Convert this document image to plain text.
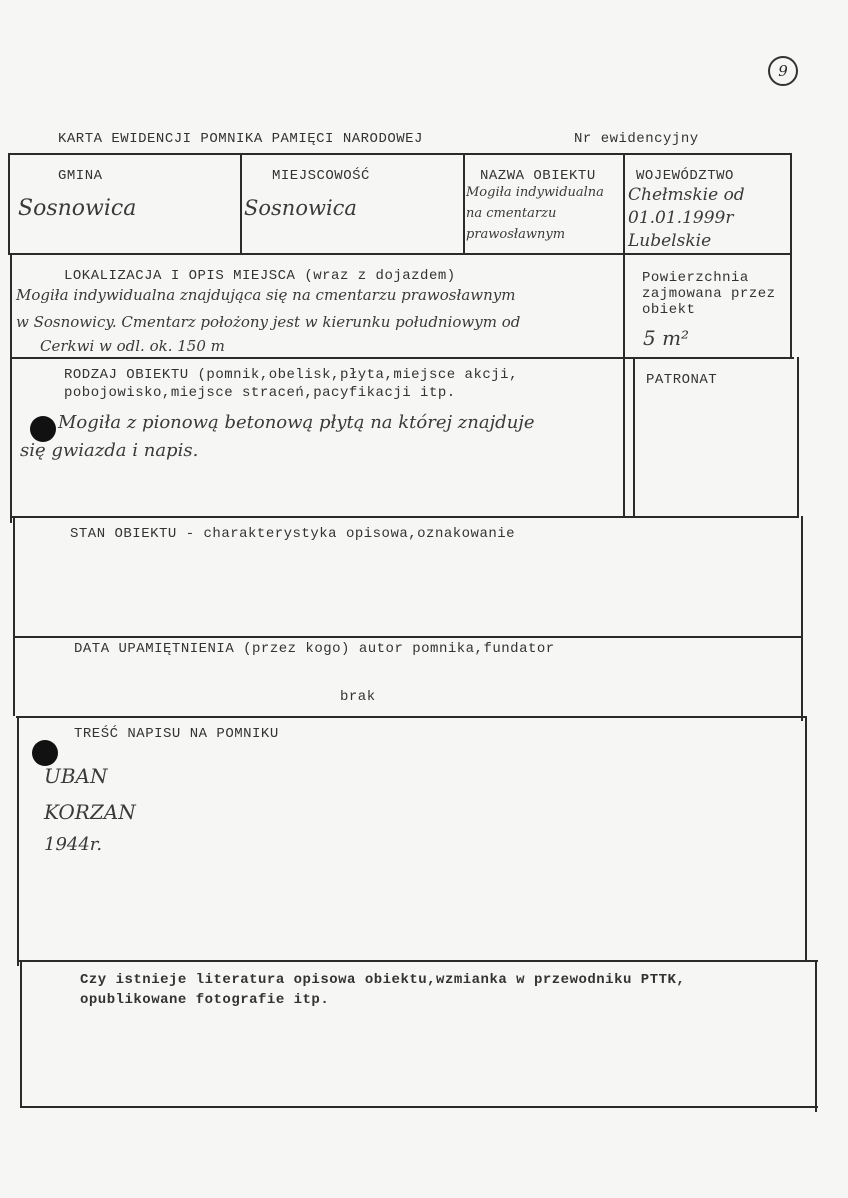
9
KARTA EWIDENCJI POMNIKA PAMIĘCI NARODOWEJ	Nr ewidencyjny
GMINA
Sosnowica
MIEJSCOWOŚĆ
Sosnowica
NAZWA OBIEKTU
Mogiła indywidualna
na cmentarzu
prawosławnym
WOJEWÓDZTWO
Chełmskie od
01.01.1999r
Lubelskie
LOKALIZACJA I OPIS MIEJSCA (wraz z dojazdem)
Mogiła indywidualna znajdująca się na cmentarzu prawosławnym
w Sosnowicy. Cmentarz położony jest w kierunku południowym od
Cerkwi w odl. ok. 150 m
Powierzchnia
zajmowana przez
obiekt
5 m²
RODZAJ OBIEKTU (pomnik,obelisk,płyta,miejsce akcji,
pobojowisko,miejsce straceń,pacyfikacji itp.
Mogiła z pionową betonową płytą na której znajduje
się gwiazda i napis.
PATRONAT
STAN OBIEKTU - charakterystyka opisowa,oznakowanie
DATA UPAMIĘTNIENIA (przez kogo) autor pomnika,fundator
brak
TREŚĆ NAPISU NA POMNIKU
UBAN
KORZAN
1944r.
Czy istnieje literatura opisowa obiektu,wzmianka w przewodniku PTTK,
opublikowane fotografie itp.
